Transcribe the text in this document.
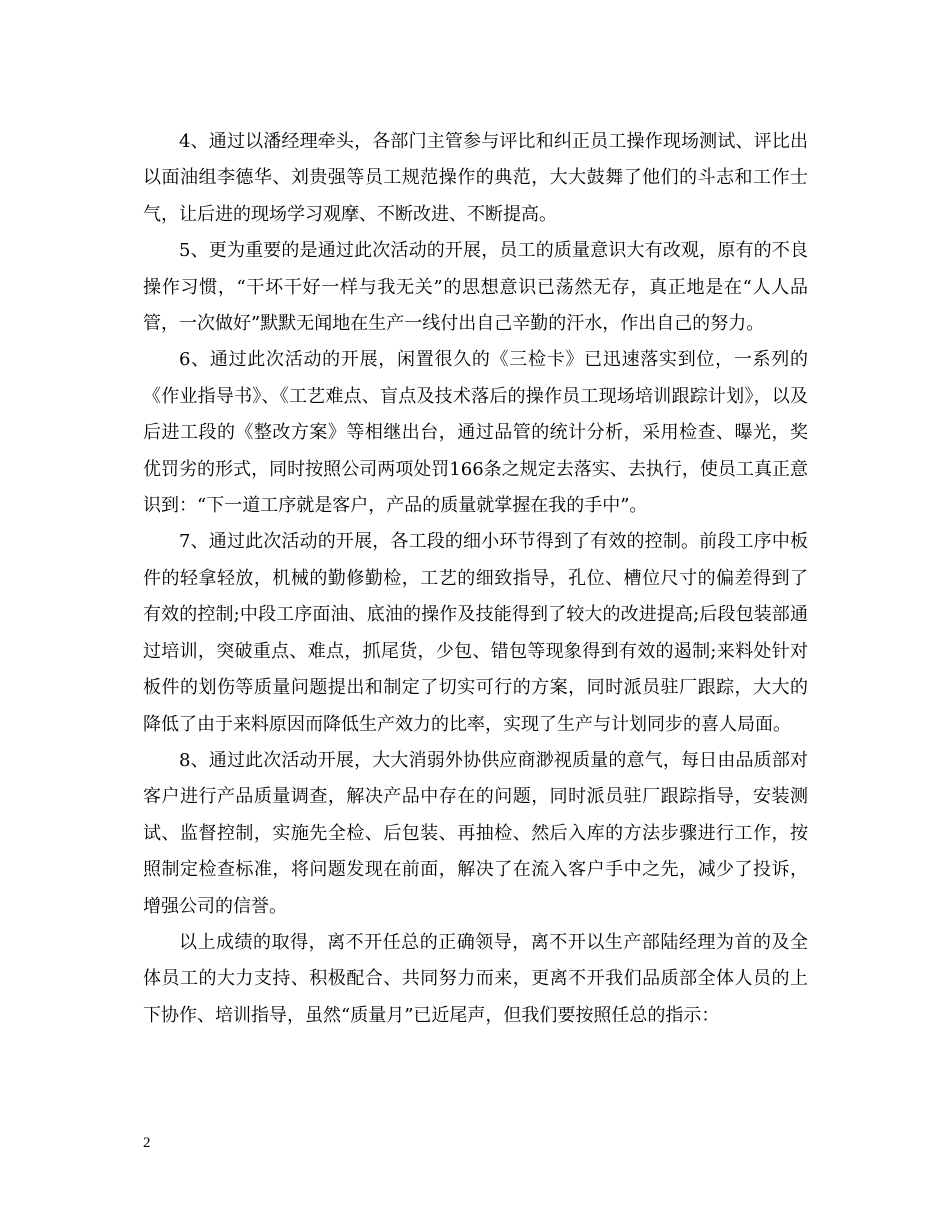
4、通过以潘经理牵头，各部门主管参与评比和纠正员工操作现场测试、评比出以面油组李德华、刘贵强等员工规范操作的典范，大大鼓舞了他们的斗志和工作士气，让后进的现场学习观摩、不断改进、不断提高。

5、更为重要的是通过此次活动的开展，员工的质量意识大有改观，原有的不良操作习惯，“干坏干好一样与我无关”的思想意识已荡然无存，真正地是在“人人品管，一次做好”默默无闻地在生产一线付出自己辛勤的汗水，作出自己的努力。

6、通过此次活动的开展，闲置很久的《三检卡》已迅速落实到位，一系列的《作业指导书》、《工艺难点、盲点及技术落后的操作员工现场培训跟踪计划》，以及后进工段的《整改方案》等相继出台，通过品管的统计分析，采用检查、曝光，奖优罚劣的形式，同时按照公司两项处罚166条之规定去落实、去执行，使员工真正意识到：“下一道工序就是客户，产品的质量就掌握在我的手中”。

7、通过此次活动的开展，各工段的细小环节得到了有效的控制。前段工序中板件的轻拿轻放，机械的勤修勤检，工艺的细致指导，孔位、槽位尺寸的偏差得到了有效的控制;中段工序面油、底油的操作及技能得到了较大的改进提高;后段包装部通过培训，突破重点、难点，抓尾货，少包、错包等现象得到有效的遏制;来料处针对板件的划伤等质量问题提出和制定了切实可行的方案，同时派员驻厂跟踪，大大的降低了由于来料原因而降低生产效力的比率，实现了生产与计划同步的喜人局面。

8、通过此次活动开展，大大消弱外协供应商渺视质量的意气，每日由品质部对客户进行产品质量调查，解决产品中存在的问题，同时派员驻厂跟踪指导，安装测试、监督控制，实施先全检、后包装、再抽检、然后入库的方法步骤进行工作，按照制定检查标准，将问题发现在前面，解决了在流入客户手中之先，减少了投诉，增强公司的信誉。

以上成绩的取得，离不开任总的正确领导，离不开以生产部陆经理为首的及全体员工的大力支持、积极配合、共同努力而来，更离不开我们品质部全体人员的上下协作、培训指导，虽然“质量月”已近尾声，但我们要按照任总的指示：

2
